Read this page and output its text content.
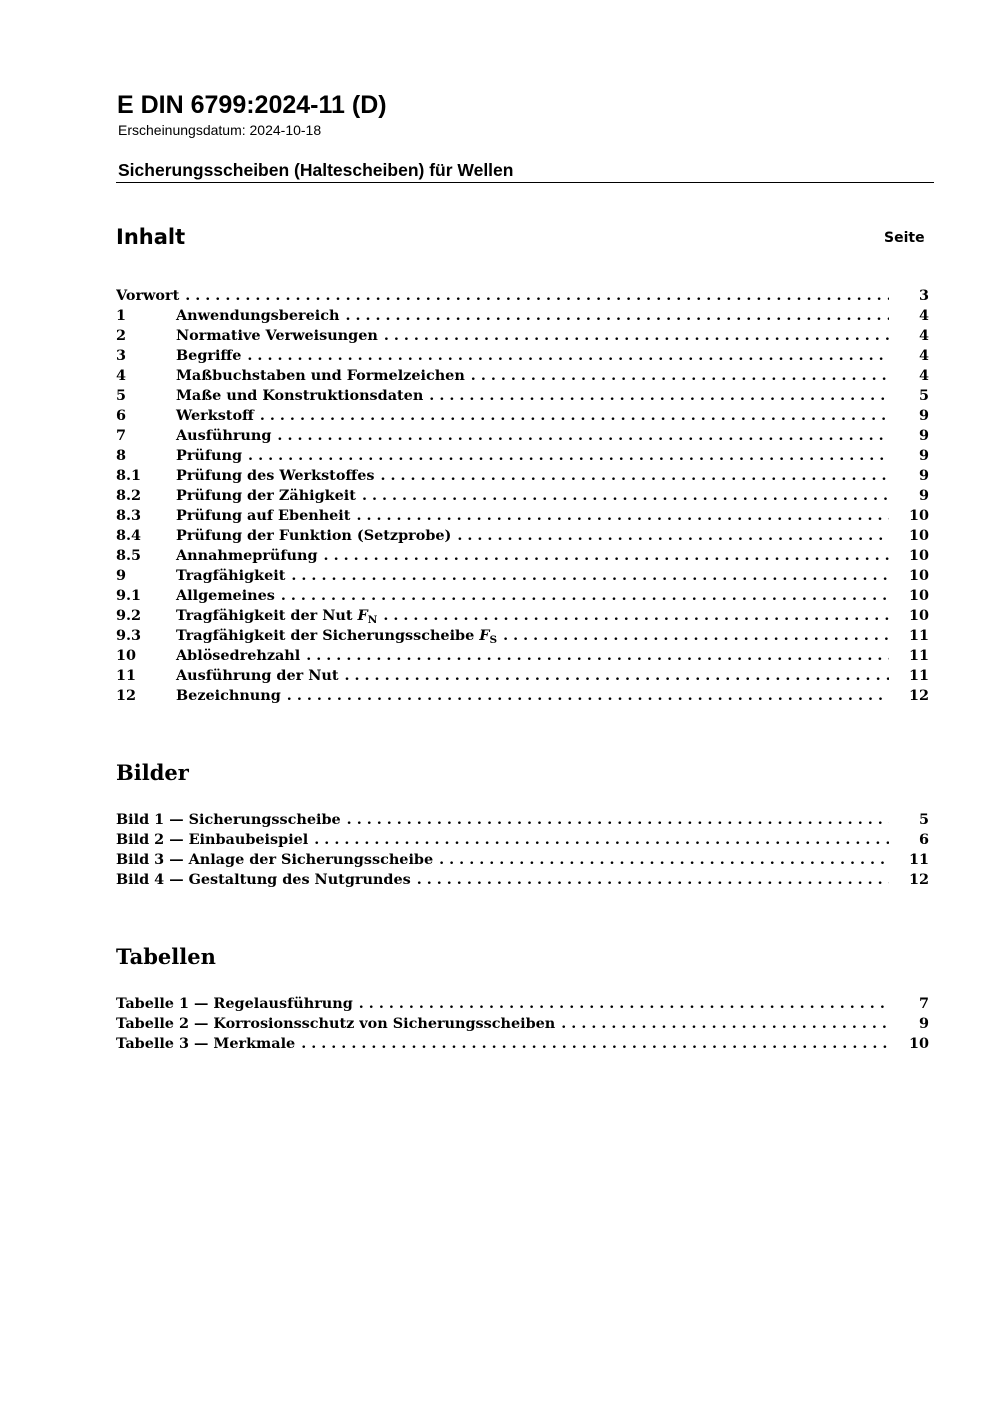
E DIN 6799:2024-11 (D)

Erscheinungsdatum: 2024-10-18

Sicherungsscheiben (Haltescheiben) für Wellen
Inhalt	Seite
Vorwort . . .	3
1	Anwendungsbereich . . .	4
2	Normative Verweisungen . . .	4
3	Begriffe . . .	4
4	Maßbuchstaben und Formelzeichen . . .	4
5	Maße und Konstruktionsdaten . . .	5
6	Werkstoff . . .	9
7	Ausführung . . .	9
8	Prüfung . . .	9
8.1	Prüfung des Werkstoffes . . .	9
8.2	Prüfung der Zähigkeit . . .	9
8.3	Prüfung auf Ebenheit . . .	10
8.4	Prüfung der Funktion (Setzprobe) . . .	10
8.5	Annahmeprüfung . . .	10
9	Tragfähigkeit . . .	10
9.1	Allgemeines . . .	10
9.2	Tragfähigkeit der Nut $F_N$ . . .	10
9.3	Tragfähigkeit der Sicherungsscheibe $F_S$ . . .	11
10	Ablösedrehzahl . . .	11
11	Ausführung der Nut . . .	11
12	Bezeichnung . . .	12
Bilder
Bild 1 — Sicherungsscheibe . . .	5
Bild 2 — Einbaubeispiel . . .	6
Bild 3 — Anlage der Sicherungsscheibe . . .	11
Bild 4 — Gestaltung des Nutgrundes . . .	12
Tabellen
Tabelle 1 — Regelausführung . . .	7
Tabelle 2 — Korrosionsschutz von Sicherungsscheiben . . .	9
Tabelle 3 — Merkmale . . .	10
